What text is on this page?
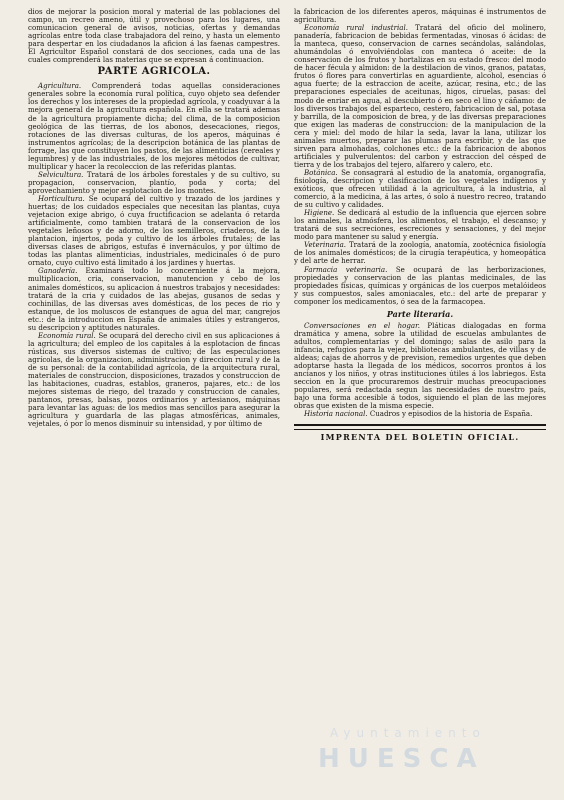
dios de mejorar la posicion moral y material de las poblaciones del campo, un recreo ameno, útil y provechoso para los lugares, una comunicacion general de avisos, noticias, ofertas y demandas agrícolas entre toda clase trabajadora del reino, y hasta un elemento para despertar en los ciudadanos la aficion á las faenas campestres. El Agricultor Español constará de dos secciones, cada una de las cuales comprenderá las materias que se expresan á continuacion.

PARTE AGRICOLA.

Agricultura. Comprenderá todas aquellas consideraciones generales sobre la economía rural política, cuyo objeto sea defender los derechos y los intereses de la propiedad agrícola, y coadyuvar á la mejora general de la agricultura española. En ella se tratará ademas de la agricultura propiamente dicha; del clima, de la composicion geológica de las tierras, de los abonos, desecaciones, riegos, rotaciones de las diversas culturas, de los aperos, máquinas é instrumentos agrícolas; de la descripcion botánica de las plantas de forrage, las que constituyen los pastos, de las alimenticias (cereales y legumbres) y de las industriales, de los mejores métodos de cultivar, multiplicar y hacer la recoleccion de las referidas plantas.

Selvicultura. Tratará de los árboles forestales y de su cultivo, su propagacion, conservacion, plantío, poda y corta; del aprovechamiento y mejor esplotacion de los montes.

Horticultura. Se ocupará del cultivo y trazado de los jardines y huertas; de los cuidados especiales que necesitan las plantas, cuya vejetacion exige abrigo, ó cuya fructificacion se adelanta ó retarda artificialmente, como tambien tratará de la conservacion de los vegetales leñosos y de adorno, de los semilleros, criaderos, de la plantacion, injertos, poda y cultivo de los árboles frutales; de las diversas clases de abrigos, estufas é invernáculos, y por último de todas las plantas alimenticias, industriales, medicinales ó de puro ornato, cuyo cultivo está limitado á los jardines y huertas.

Ganadería. Examinará todo lo concerniente á la mejora, multiplicacion, cria, conservacion, manutencion y cebo de los animales domésticos, su aplicacion á nuestros trabajos y necesidades: tratará de la cria y cuidados de las abejas, gusanos de sedas y cochinillas, de las diversas aves domésticas, de los peces de rio y estanque, de los moluscos de estanques de agua del mar, cangrejos etc.: de la introduccion en España de animales útiles y estrangeros, su descripcion y aptitudes naturales.

Economía rural. Se ocupará del derecho civil en sus aplicaciones á la agricultura; del empleo de los capitales á la esplotacion de fincas rústicas, sus diversos sistemas de cultivo; de las especulaciones agrícolas, de la organizacion, administracion y direccion rural y de la de su personal: de la contabilidad agrícola, de la arquitectura rural, materiales de construccion, disposiciones, trazados y construccion de las habitaciones, cuadras, establos, graneros, pajares, etc.: de los mejores sistemas de riego, del trazado y construccion de canales, pantanos, presas, balsas, pozos ordinarios y artesianos, máquinas para levantar las aguas: de los medios mas sencillos para asegurar la agricultura y guardarla de las plagas atmosféricas, animales, vejetales, ó por lo menos disminuir su intensidad, y por último de

la fabricacion de los diferentes aperos, máquinas é instrumentos de agricultura.

Economía rural industrial. Tratará del oficio del molinero, panadería, fabricacion de bebidas fermentadas, vinosas ó ácidas: de la manteca, queso, conservacion de carnes secándolas, salándolas, ahumándolas ó envolviéndolas con manteca ó aceite: de la conservacion de los frutos y hortalizas en su estado fresco: del modo de hacer fécula y almidon: de la destilacion de vinos, granos, patatas, frutos ó flores para convertirlas en aguardiente, alcohol, esencias ó agua fuerte; de la estraccion de aceite, azúcar, resina, etc.; de las preparaciones especiales de aceitunas, higos, ciruelas, pasas: del modo de enriar en agua, al descubierto ó en seco el lino y cáñamo: de los diversos trabajos del esparteco, cestero, fabricacion de sal, potasa y barrilla, de la composicion de brea, y de las diversas preparaciones que exigen las maderas de construccion: de la manipulacion de la cera y miel: del modo de hilar la seda, lavar la lana, utilizar los animales muertos, preparar las plumas para escribir, y de las que sirven para almohadas, colchones etc.: de la fabricacion de abonos artificiales y pulverulentos: del carbon y estraccion del césped de tierra y de los trabajos del tejero, alfarero y calero, etc.

Botánica. Se consagrará al estudio de la anatomía, organografía, fisiología, descripcion y clasificacion de los vegetales indígenos y exóticos, que ofrecen utilidad á la agricultura, á la industria, al comercio, á la medicina, á las artes, ó solo á nuestro recreo, tratando de su cultivo y calidades.

Higiene. Se dedicará al estudio de la influencia que ejercen sobre los animales, la atmósfera, los alimentos, el trabajo, el descanso; y tratará de sus secreciones, escreciones y sensaciones, y del mejor modo para mantener su salud y energía.

Veterinaria. Tratará de la zoología, anatomía, zootécnica fisiología de los animales domésticos; de la cirugía terapéutica, y homeopática y del arte de herrar.

Farmacia veterinaria. Se ocupará de las herborizaciones, propiedades y conservacion de las plantas medicinales, de las propiedades físicas, químicas y orgánicas de los cuerpos metalóideos y sus compuestos, sales amoniacales, etc.: del arte de preparar y componer los medicamentos, ó sea de la farmacopea.

Parte literaria.

Conversaciones en el hogar. Pláticas dialogadas en forma dramática y amena, sobre la utilidad de escuelas ambulantes de adultos, complementarias y del domingo; salas de asilo para la infancia, refugios para la vejez, bibliotecas ambulantes, de villas y de aldeas; cajas de ahorros y de prevision, remedios urgentes que deben adoptarse hasta la llegada de los médicos, socorros prontos á los ancianos y los niños, y otras instituciones útiles á los labriegos. Esta seccion en la que procuraremos destruir muchas preocupaciones populares, será redactada segun las necesidades de nuestro país, bajo una forma accesible á todos, siguiendo el plan de las mejores obras que existen de la misma especie.

Historia nacional. Cuadros y episodios de la historia de España.

IMPRENTA DEL BOLETIN OFICIAL.
Ayuntamiento
HUESCA
